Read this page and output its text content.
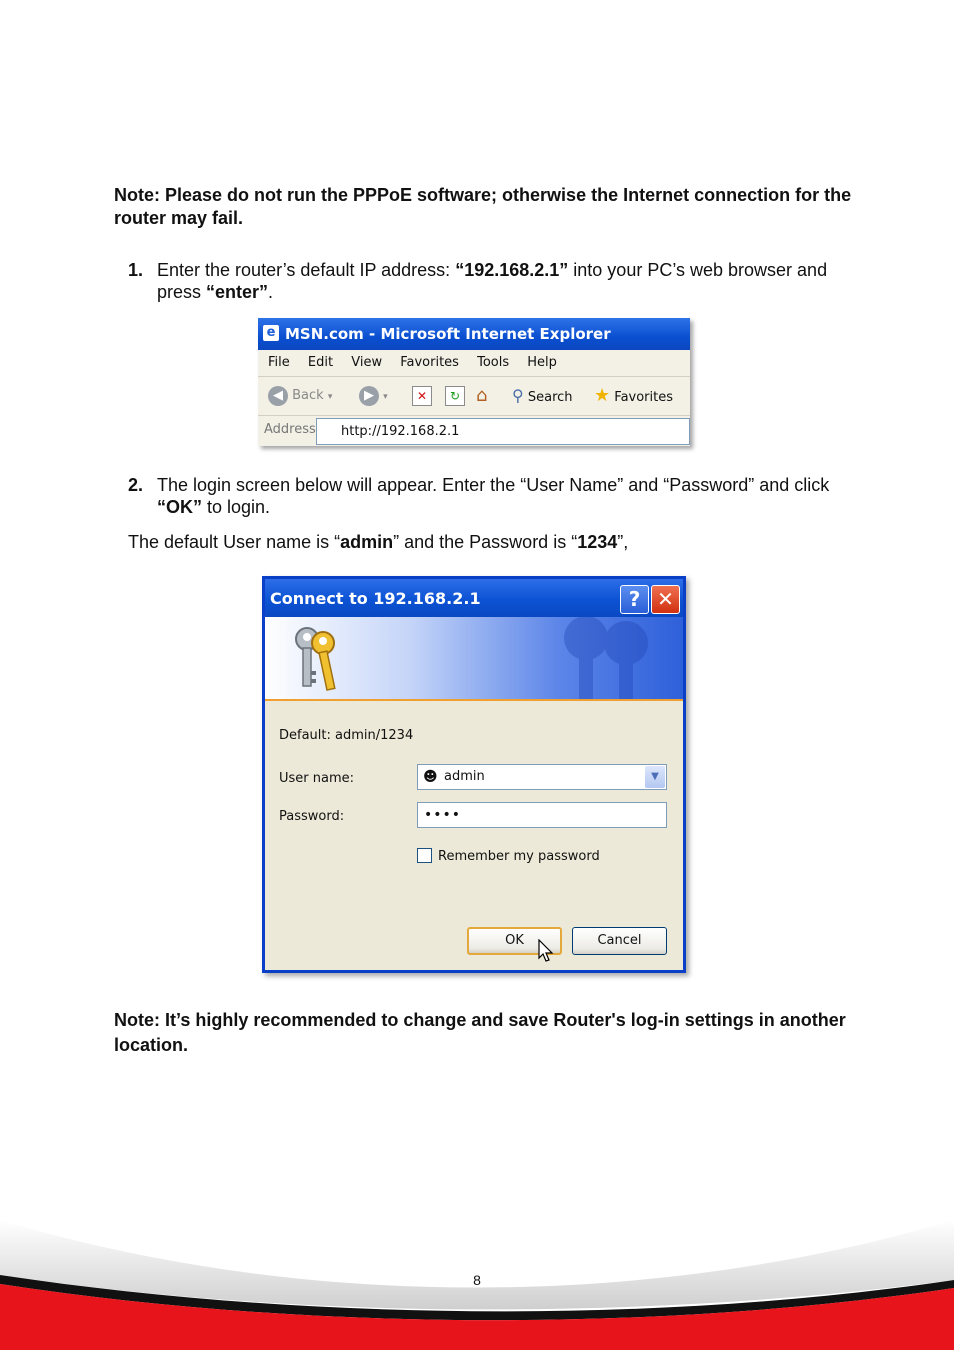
Note: Please do not run the PPPoE software; otherwise the Internet connection for the router may fail.

1. Enter the router’s default IP address: “192.168.2.1” into your PC’s web browser and press “enter”.
e MSN.com - Microsoft Internet Explorer
File Edit View Favorites Tools Help
◀ Back ▾	▶ ▾	✕	↻ ⌂ ⚲ Search ★ Favorites
Address	http://192.168.2.1
2. The login screen below will appear. Enter the “User Name” and “Password” and click “OK” to login.
The default User name is “admin” and the Password is “1234”,
Connect to 192.168.2.1	? ✕
Default: admin/1234
User name:	☻ admin	▼
Password:	••••
Remember my password
OK	Cancel

Note: It’s highly recommended to change and save Router's log-in settings in another location.

8
